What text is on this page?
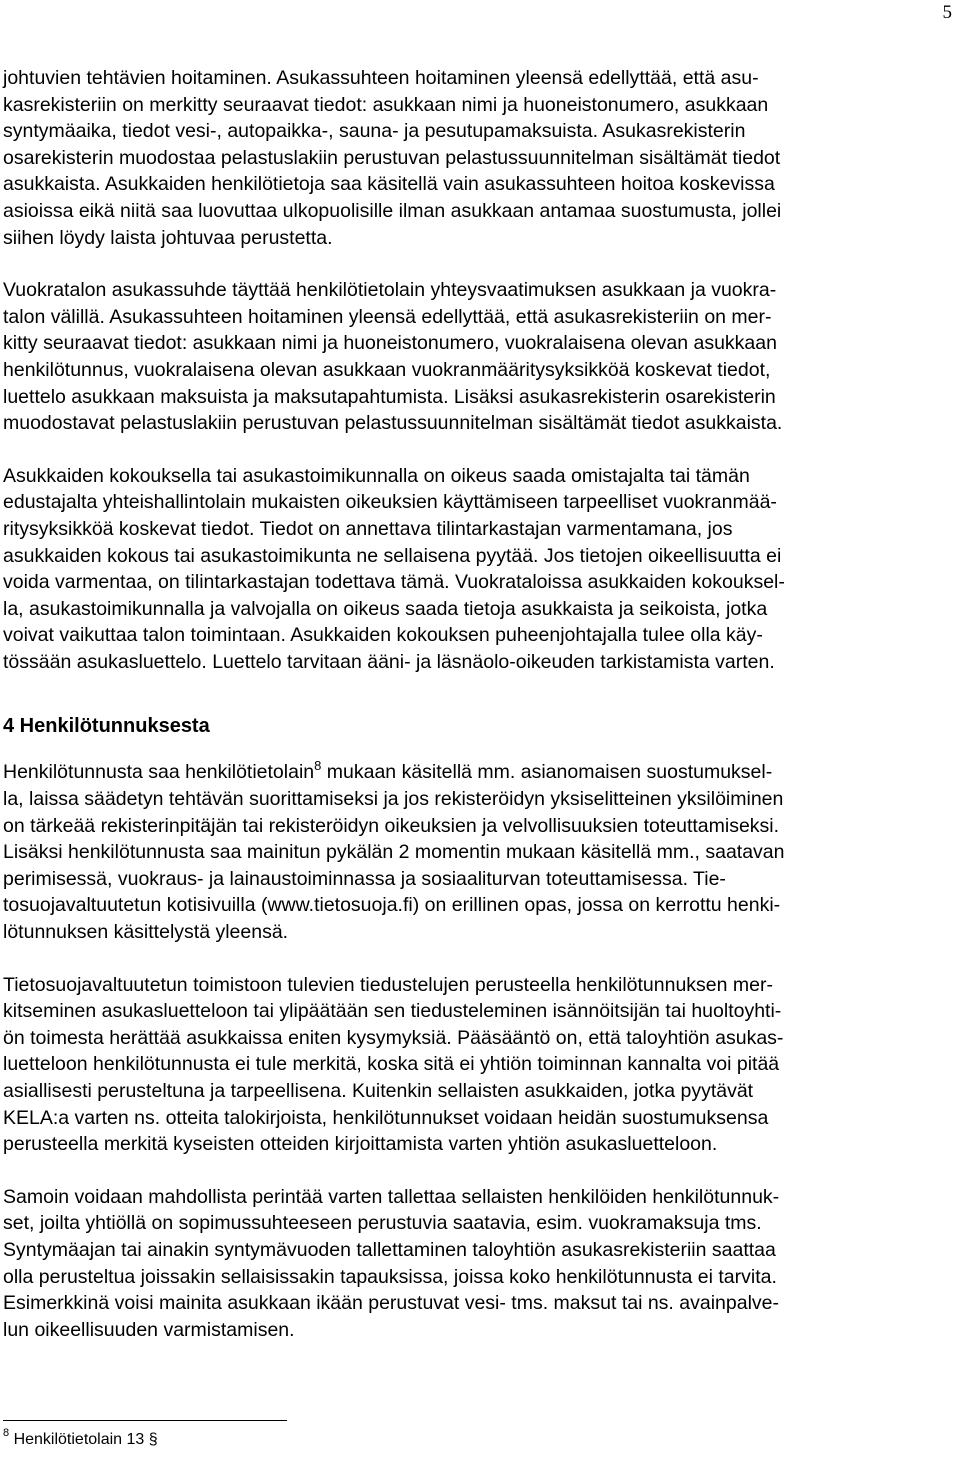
5

johtuvien tehtävien hoitaminen. Asukassuhteen hoitaminen yleensä edellyttää, että asu-
kasrekisteriin on merkitty seuraavat tiedot: asukkaan nimi ja huoneistonumero, asukkaan
syntymäaika, tiedot vesi-, autopaikka-, sauna- ja pesutupamaksuista. Asukasrekisterin
osarekisterin muodostaa pelastuslakiin perustuvan pelastussuunnitelman sisältämät tiedot
asukkaista. Asukkaiden henkilötietoja saa käsitellä vain asukassuhteen hoitoa koskevissa
asioissa eikä niitä saa luovuttaa ulkopuolisille ilman asukkaan antamaa suostumusta, jollei
siihen löydy laista johtuvaa perustetta.

Vuokratalon asukassuhde täyttää henkilötietolain yhteysvaatimuksen asukkaan ja vuokra-
talon välillä. Asukassuhteen hoitaminen yleensä edellyttää, että asukasrekisteriin on mer-
kitty seuraavat tiedot: asukkaan nimi ja huoneistonumero, vuokralaisena olevan asukkaan
henkilötunnus, vuokralaisena olevan asukkaan vuokranmääritysyksikköä koskevat tiedot,
luettelo asukkaan maksuista ja maksutapahtumista. Lisäksi asukasrekisterin osarekisterin
muodostavat pelastuslakiin perustuvan pelastussuunnitelman sisältämät tiedot asukkaista.

Asukkaiden kokouksella tai asukastoimikunnalla on oikeus saada omistajalta tai tämän
edustajalta yhteishallintolain mukaisten oikeuksien käyttämiseen tarpeelliset vuokranmää-
ritysyksikköä koskevat tiedot. Tiedot on annettava tilintarkastajan varmentamana, jos
asukkaiden kokous tai asukastoimikunta ne sellaisena pyytää. Jos tietojen oikeellisuutta ei
voida varmentaa, on tilintarkastajan todettava tämä. Vuokrataloissa asukkaiden kokouksel-
la, asukastoimikunnalla ja valvojalla on oikeus saada tietoja asukkaista ja seikoista, jotka
voivat vaikuttaa talon toimintaan. Asukkaiden kokouksen puheenjohtajalla tulee olla käy-
tössään asukasluettelo. Luettelo tarvitaan ääni- ja läsnäolo-oikeuden tarkistamista varten.

4 Henkilötunnuksesta

Henkilötunnusta saa henkilötietolain$^8$ mukaan käsitellä mm. asianomaisen suostumuksel-
la, laissa säädetyn tehtävän suorittamiseksi ja jos rekisteröidyn yksiselitteinen yksilöiminen
on tärkeää rekisterinpitäjän tai rekisteröidyn oikeuksien ja velvollisuuksien toteuttamiseksi.
Lisäksi henkilötunnusta saa mainitun pykälän 2 momentin mukaan käsitellä mm., saatavan
perimisessä, vuokraus- ja lainaustoiminnassa ja sosiaaliturvan toteuttamisessa. Tie-
tosuojavaltuutetun kotisivuilla (www.tietosuoja.fi) on erillinen opas, jossa on kerrottu henki-
lötunnuksen käsittelystä yleensä.

Tietosuojavaltuutetun toimistoon tulevien tiedustelujen perusteella henkilötunnuksen mer-
kitseminen asukasluetteloon tai ylipäätään sen tiedusteleminen isännöitsijän tai huoltoyhti-
ön toimesta herättää asukkaissa eniten kysymyksiä. Pääsääntö on, että taloyhtiön asukas-
luetteloon henkilötunnusta ei tule merkitä, koska sitä ei yhtiön toiminnan kannalta voi pitää
asiallisesti perusteltuna ja tarpeellisena. Kuitenkin sellaisten asukkaiden, jotka pyytävät
KELA:a varten ns. otteita talokirjoista, henkilötunnukset voidaan heidän suostumuksensa
perusteella merkitä kyseisten otteiden kirjoittamista varten yhtiön asukasluetteloon.

Samoin voidaan mahdollista perintää varten tallettaa sellaisten henkilöiden henkilötunnuk-
set, joilta yhtiöllä on sopimussuhteeseen perustuvia saatavia, esim. vuokramaksuja tms.
Syntymäajan tai ainakin syntymävuoden tallettaminen taloyhtiön asukasrekisteriin saattaa
olla perusteltua joissakin sellaisissakin tapauksissa, joissa koko henkilötunnusta ei tarvita.
Esimerkkinä voisi mainita asukkaan ikään perustuvat vesi- tms. maksut tai ns. avainpalve-
lun oikeellisuuden varmistamisen.

$^8$ Henkilötietolain 13 §
